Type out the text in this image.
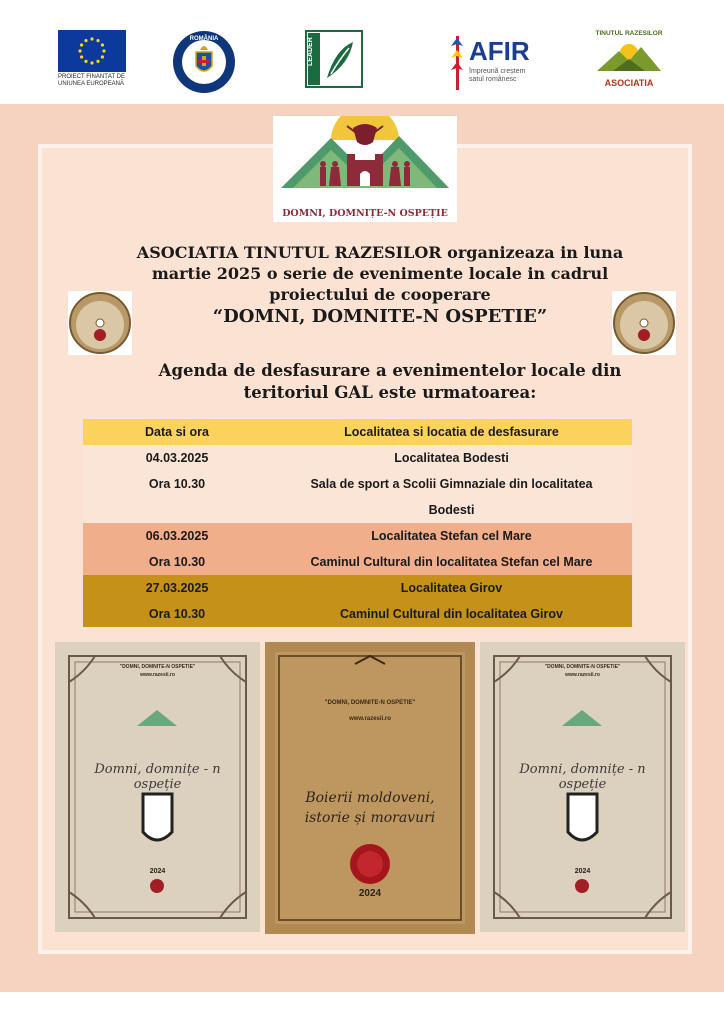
PROIECT FINANȚAT DE UNIUNEA EUROPEANĂ
ROMÂNIA	LEADER	AFIR
împreună creștem satul românesc
TINUTUL RAZESILOR
ASOCIATIA
DOMNI, DOMNIȚE-N OSPEȚIE
ASOCIATIA TINUTUL RAZESILOR organizeaza in luna
martie 2025 o serie de evenimente locale in cadrul
proiectului de cooperare
“DOMNI, DOMNITE-N OSPETIE”
Agenda de desfasurare a evenimentelor locale din
teritoriul GAL este urmatoarea:
Data si ora	Localitatea si locatia de desfasurare
04.03.2025	Localitatea Bodesti
Ora 10.30	Sala de sport a Scolii Gimnaziale din localitatea
	Bodesti
06.03.2025	Localitatea Stefan cel Mare
Ora 10.30	Caminul Cultural din localitatea Stefan cel Mare
27.03.2025	Localitatea Girov
Ora 10.30	Caminul Cultural din localitatea Girov
"DOMNI, DOMNITE-N OSPETIE"
www.razesii.ro
Domni, domnițe - n ospeție
2024
"DOMNI, DOMNITE-N OSPETIE"
www.razesii.ro
Boierii moldoveni,
istorie și moravuri
2024
"DOMNI, DOMNITE-N OSPETIE"
www.razesii.ro
Domni, domnițe - n ospeție
2024
